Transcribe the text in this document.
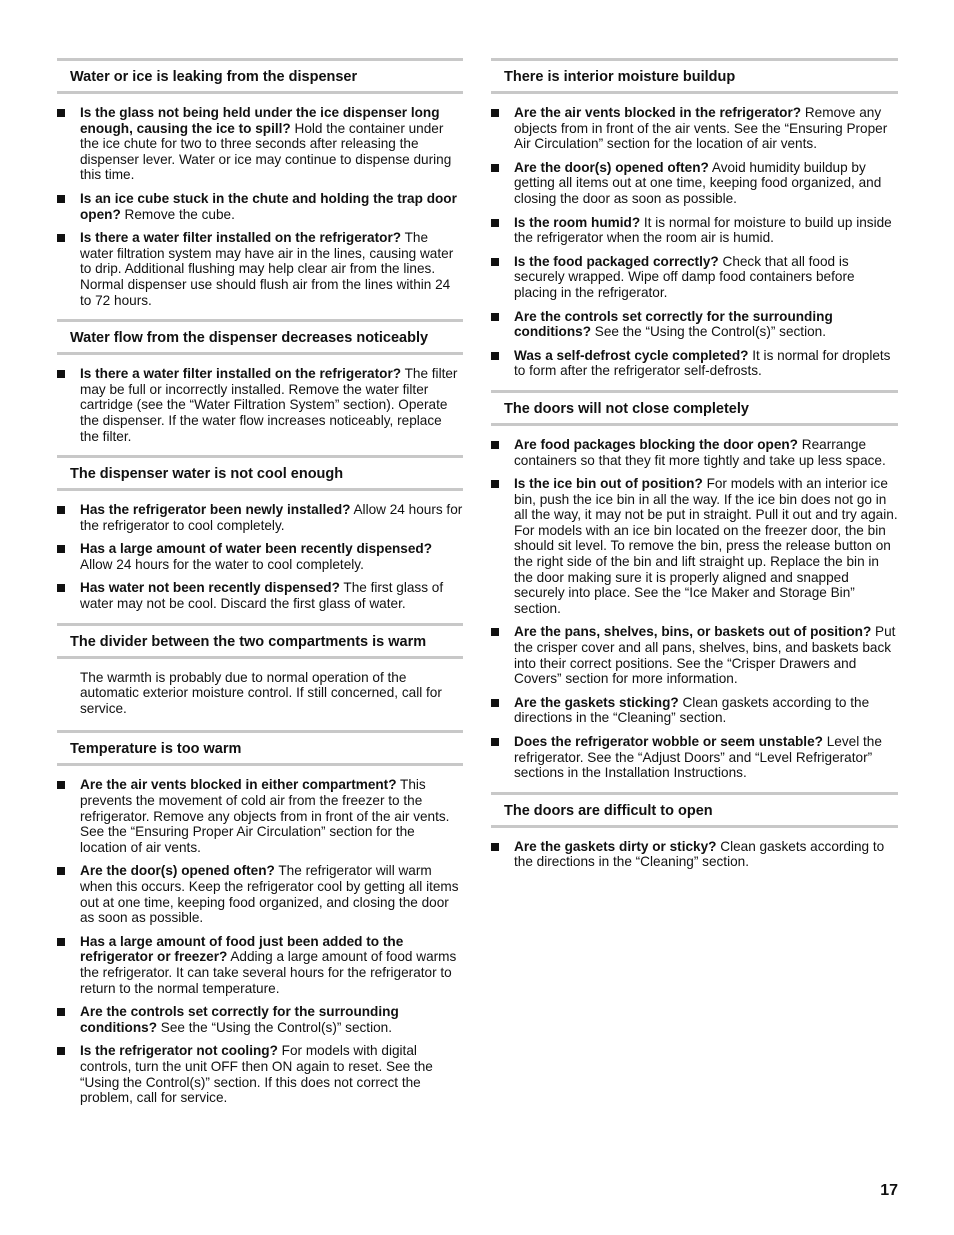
Water or ice is leaking from the dispenser
Is the glass not being held under the ice dispenser long enough, causing the ice to spill? Hold the container under the ice chute for two to three seconds after releasing the dispenser lever. Water or ice may continue to dispense during this time.
Is an ice cube stuck in the chute and holding the trap door open? Remove the cube.
Is there a water filter installed on the refrigerator? The water filtration system may have air in the lines, causing water to drip. Additional flushing may help clear air from the lines. Normal dispenser use should flush air from the lines within 24 to 72 hours.
Water flow from the dispenser decreases noticeably
Is there a water filter installed on the refrigerator? The filter may be full or incorrectly installed. Remove the water filter cartridge (see the “Water Filtration System” section). Operate the dispenser. If the water flow increases noticeably, replace the filter.
The dispenser water is not cool enough
Has the refrigerator been newly installed? Allow 24 hours for the refrigerator to cool completely.
Has a large amount of water been recently dispensed? Allow 24 hours for the water to cool completely.
Has water not been recently dispensed? The first glass of water may not be cool. Discard the first glass of water.
The divider between the two compartments is warm
The warmth is probably due to normal operation of the automatic exterior moisture control. If still concerned, call for service.
Temperature is too warm
Are the air vents blocked in either compartment? This prevents the movement of cold air from the freezer to the refrigerator. Remove any objects from in front of the air vents. See the “Ensuring Proper Air Circulation” section for the location of air vents.
Are the door(s) opened often? The refrigerator will warm when this occurs. Keep the refrigerator cool by getting all items out at one time, keeping food organized, and closing the door as soon as possible.
Has a large amount of food just been added to the refrigerator or freezer? Adding a large amount of food warms the refrigerator. It can take several hours for the refrigerator to return to the normal temperature.
Are the controls set correctly for the surrounding conditions? See the “Using the Control(s)” section.
Is the refrigerator not cooling? For models with digital controls, turn the unit OFF then ON again to reset. See the “Using the Control(s)” section. If this does not correct the problem, call for service.
There is interior moisture buildup
Are the air vents blocked in the refrigerator? Remove any objects from in front of the air vents. See the “Ensuring Proper Air Circulation” section for the location of air vents.
Are the door(s) opened often? Avoid humidity buildup by getting all items out at one time, keeping food organized, and closing the door as soon as possible.
Is the room humid? It is normal for moisture to build up inside the refrigerator when the room air is humid.
Is the food packaged correctly? Check that all food is securely wrapped. Wipe off damp food containers before placing in the refrigerator.
Are the controls set correctly for the surrounding conditions? See the “Using the Control(s)” section.
Was a self-defrost cycle completed? It is normal for droplets to form after the refrigerator self-defrosts.
The doors will not close completely
Are food packages blocking the door open? Rearrange containers so that they fit more tightly and take up less space.
Is the ice bin out of position? For models with an interior ice bin, push the ice bin in all the way. If the ice bin does not go in all the way, it may not be put in straight. Pull it out and try again. For models with an ice bin located on the freezer door, the bin should sit level. To remove the bin, press the release button on the right side of the bin and lift straight up. Replace the bin in the door making sure it is properly aligned and snapped securely into place. See the “Ice Maker and Storage Bin” section.
Are the pans, shelves, bins, or baskets out of position? Put the crisper cover and all pans, shelves, bins, and baskets back into their correct positions. See the “Crisper Drawers and Covers” section for more information.
Are the gaskets sticking? Clean gaskets according to the directions in the “Cleaning” section.
Does the refrigerator wobble or seem unstable? Level the refrigerator. See the “Adjust Doors” and “Level Refrigerator” sections in the Installation Instructions.
The doors are difficult to open
Are the gaskets dirty or sticky? Clean gaskets according to the directions in the “Cleaning” section.
17
